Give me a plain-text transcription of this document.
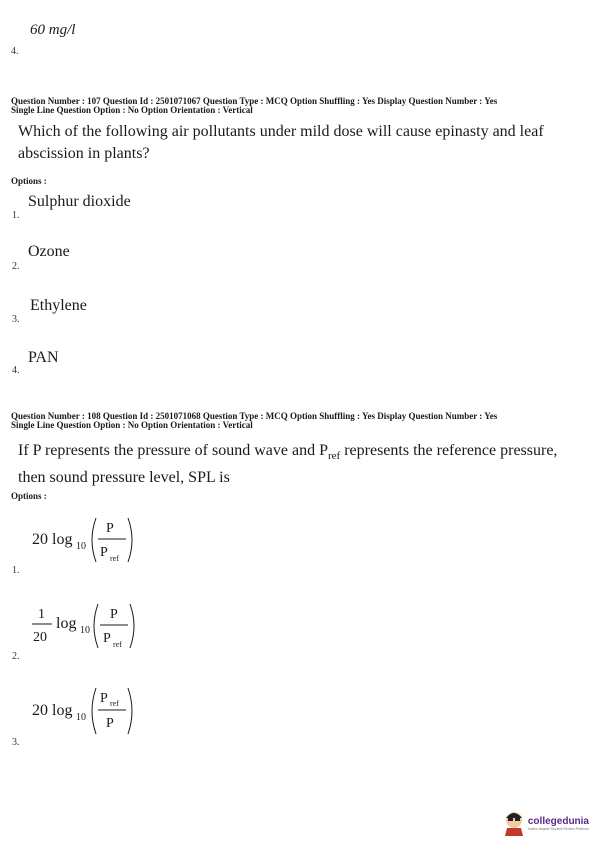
60 mg/l
4.
Question Number : 107 Question Id : 2501071067 Question Type : MCQ Option Shuffling : Yes Display Question Number : Yes
Single Line Question Option : No Option Orientation : Vertical
Which of the following air pollutants under mild dose will cause epinasty and leaf abscission in plants?
Options :
Sulphur dioxide
1.
Ozone
2.
Ethylene
3.
PAN
4.
Question Number : 108 Question Id : 2501071068 Question Type : MCQ Option Shuffling : Yes Display Question Number : Yes
Single Line Question Option : No Option Orientation : Vertical
If P represents the pressure of sound wave and $P_{ref}$ represents the reference pressure, then sound pressure level, SPL is
Options :
20 log 10
P
P ref
1.
1
20
log 10
P
P ref
2.
20 log 10
P ref
P
3.
collegedunia
India's largest Student Review Platform
